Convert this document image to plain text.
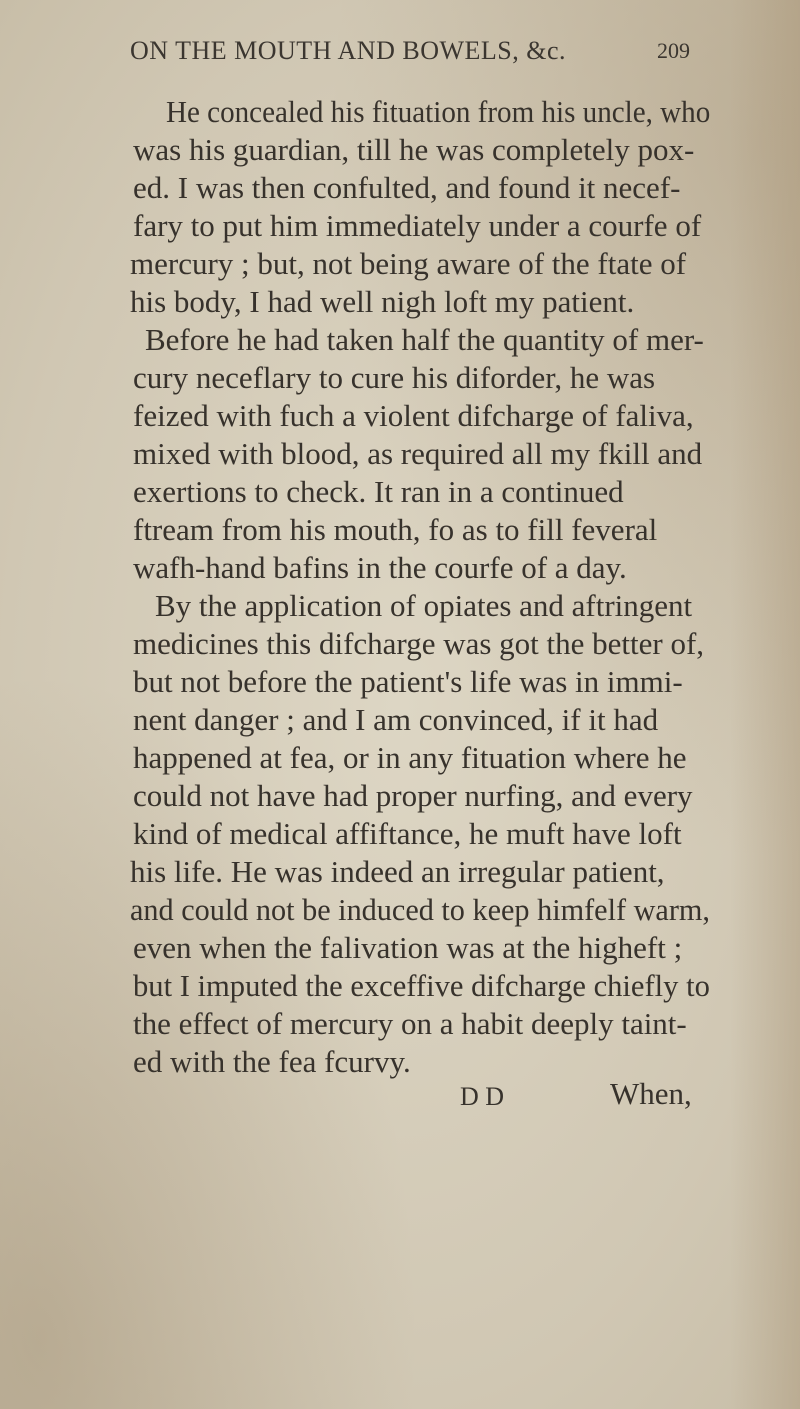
ON THE MOUTH AND BOWELS, &c.	209
He concealed his fituation from his uncle, who
was his guardian, till he was completely pox-
ed. I was then confulted, and found it necef-
fary to put him immediately under a courfe of
mercury ; but, not being aware of the ftate of
his body, I had well nigh loft my patient.
Before he had taken half the quantity of mer-
cury neceflary to cure his diforder, he was
feized with fuch a violent difcharge of faliva,
mixed with blood, as required all my fkill and
exertions to check. It ran in a continued
ftream from his mouth, fo as to fill feveral
wafh-hand bafins in the courfe of a day.
By the application of opiates and aftringent
medicines this difcharge was got the better of,
but not before the patient's life was in immi-
nent danger ; and I am convinced, if it had
happened at fea, or in any fituation where he
could not have had proper nurfing, and every
kind of medical affiftance, he muft have loft
his life. He was indeed an irregular patient,
and could not be induced to keep himfelf warm,
even when the falivation was at the higheft ;
but I imputed the exceffive difcharge chiefly to
the effect of mercury on a habit deeply taint-
ed with the fea fcurvy.
D D	When,
